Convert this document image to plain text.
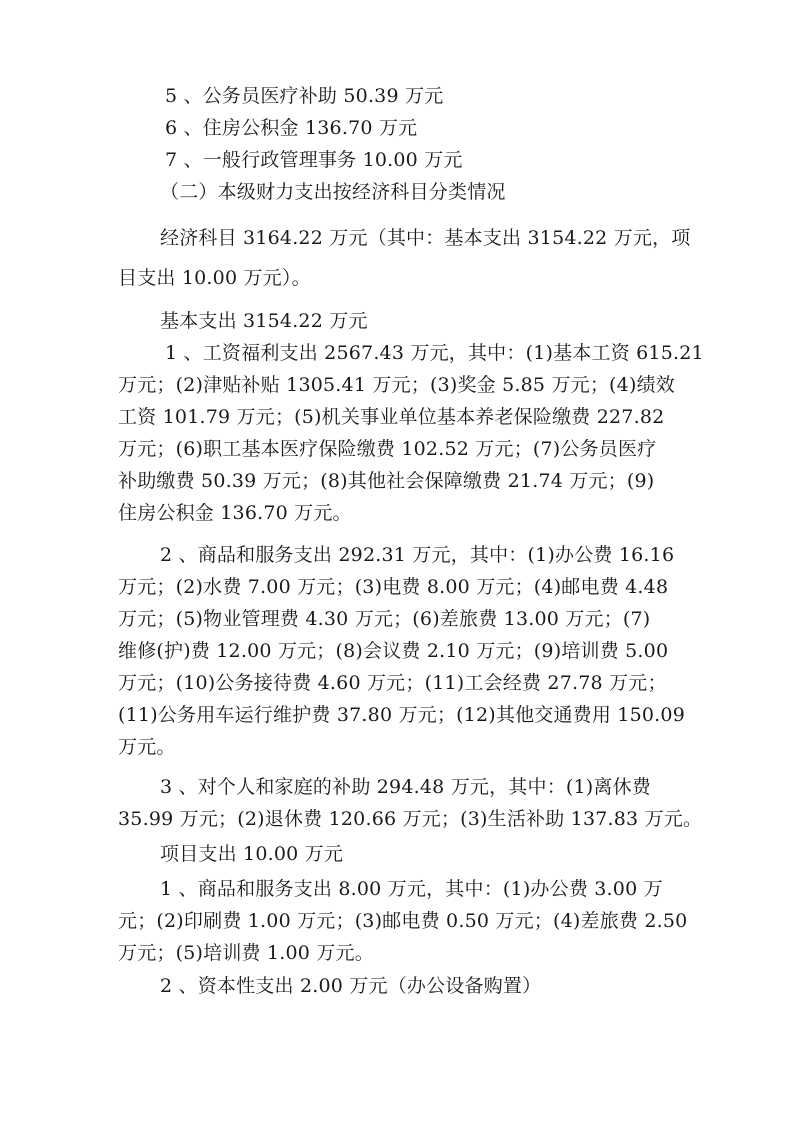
5 、公务员医疗补助 50.39 万元
6 、住房公积金 136.70 万元
7 、一般行政管理事务 10.00 万元
（二）本级财力支出按经济科目分类情况
经济科目 3164.22 万元（其中：基本支出 3154.22 万元，项
目支出 10.00 万元）。
基本支出 3154.22 万元
1 、工资福利支出 2567.43 万元，其中：(1)基本工资 615.21
万元；(2)津贴补贴 1305.41 万元；(3)奖金 5.85 万元；(4)绩效
工资 101.79 万元；(5)机关事业单位基本养老保险缴费 227.82
万元；(6)职工基本医疗保险缴费 102.52 万元；(7)公务员医疗
补助缴费 50.39 万元；(8)其他社会保障缴费 21.74 万元；(9)
住房公积金 136.70 万元。
2 、商品和服务支出 292.31 万元，其中：(1)办公费 16.16
万元；(2)水费 7.00 万元；(3)电费 8.00 万元；(4)邮电费 4.48
万元；(5)物业管理费 4.30 万元；(6)差旅费 13.00 万元；(7)
维修(护)费 12.00 万元；(8)会议费 2.10 万元；(9)培训费 5.00
万元；(10)公务接待费 4.60 万元；(11)工会经费 27.78 万元；
(11)公务用车运行维护费 37.80 万元；(12)其他交通费用 150.09
万元。
3 、对个人和家庭的补助 294.48 万元，其中：(1)离休费
35.99 万元；(2)退休费 120.66 万元；(3)生活补助 137.83 万元。
项目支出 10.00 万元
1 、商品和服务支出 8.00 万元，其中：(1)办公费 3.00 万
元；(2)印刷费 1.00 万元；(3)邮电费 0.50 万元；(4)差旅费 2.50
万元；(5)培训费 1.00 万元。
2 、资本性支出 2.00 万元（办公设备购置）
